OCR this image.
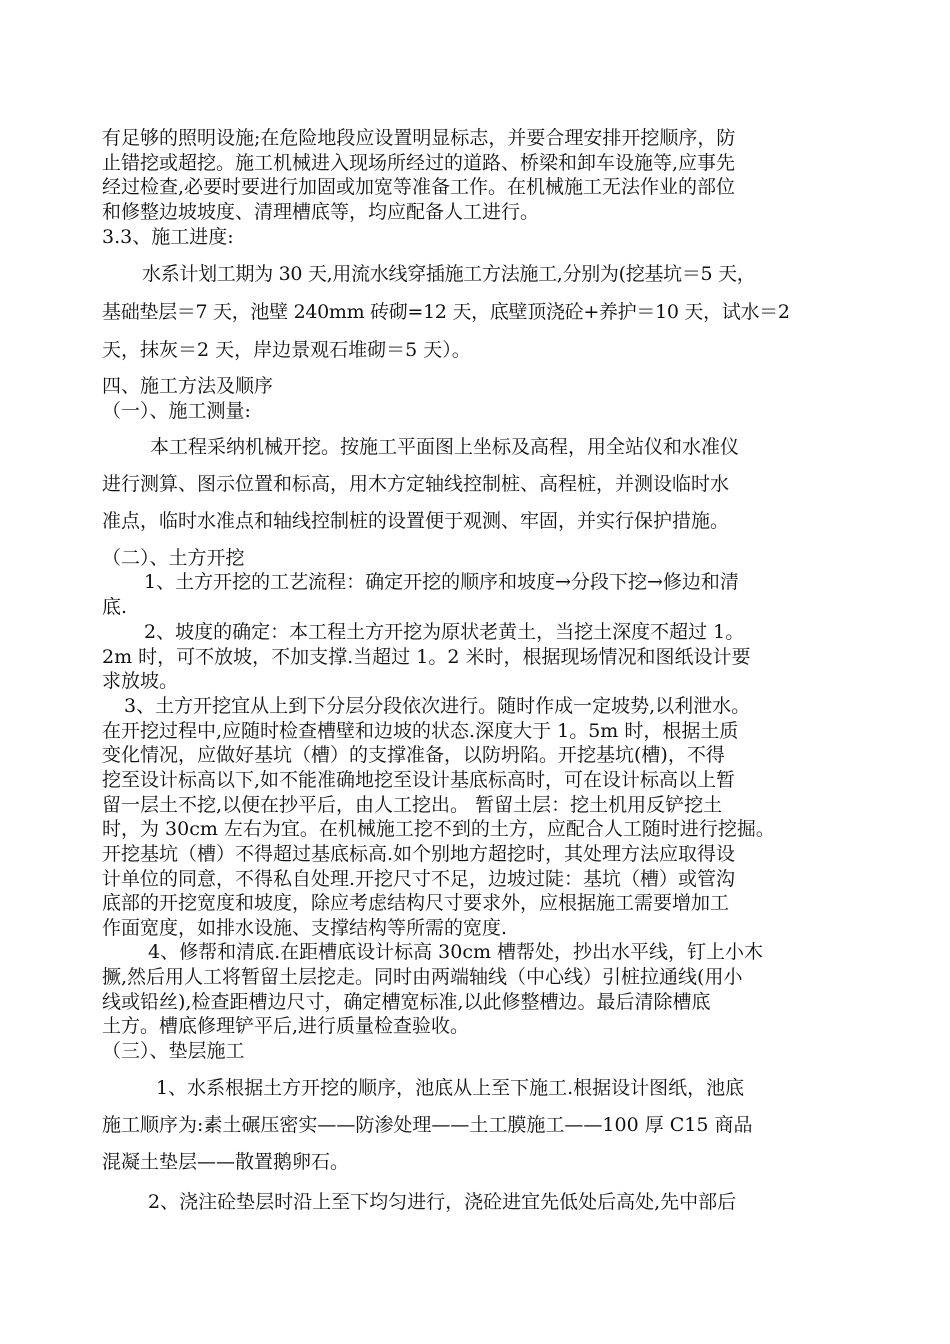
有足够的照明设施;在危险地段应设置明显标志，并要合理安排开挖顺序，防
止错挖或超挖。施工机械进入现场所经过的道路、桥梁和卸车设施等,应事先
经过检查,必要时要进行加固或加宽等准备工作。在机械施工无法作业的部位
和修整边坡坡度、清理槽底等，均应配备人工进行。
3.3、施工进度:
水系计划工期为 30 天,用流水线穿插施工方法施工,分别为(挖基坑＝5 天，
基础垫层＝7 天，池壁 240mm 砖砌=12 天，底壁顶浇砼+养护＝10 天，试水＝2
天，抹灰＝2 天，岸边景观石堆砌＝5 天）。
四、施工方法及顺序
（一）、施工测量:
本工程采纳机械开挖。按施工平面图上坐标及高程，用全站仪和水准仪
进行测算、图示位置和标高，用木方定轴线控制桩、高程桩，并测设临时水
准点，临时水准点和轴线控制桩的设置便于观测、牢固，并实行保护措施。
（二）、土方开挖
1、土方开挖的工艺流程：确定开挖的顺序和坡度→分段下挖→修边和清
底.
2、坡度的确定：本工程土方开挖为原状老黄土，当挖土深度不超过 1。
2m 时，可不放坡，不加支撑.当超过 1。2 米时，根据现场情况和图纸设计要
求放坡。
3、土方开挖宜从上到下分层分段依次进行。随时作成一定坡势,以利泄水。
在开挖过程中,应随时检查槽壁和边坡的状态.深度大于 1。5m 时，根据土质
变化情况，应做好基坑（槽）的支撑准备，以防坍陷。开挖基坑(槽)，不得
挖至设计标高以下,如不能准确地挖至设计基底标高时，可在设计标高以上暂
留一层土不挖,以便在抄平后，由人工挖出。 暂留土层：挖土机用反铲挖土
时，为 30cm 左右为宜。在机械施工挖不到的土方，应配合人工随时进行挖掘。
开挖基坑（槽）不得超过基底标高.如个别地方超挖时，其处理方法应取得设
计单位的同意，不得私自处理.开挖尺寸不足，边坡过陡：基坑（槽）或管沟
底部的开挖宽度和坡度，除应考虑结构尺寸要求外，应根据施工需要增加工
作面宽度，如排水设施、支撑结构等所需的宽度.
4、修帮和清底.在距槽底设计标高 30cm 槽帮处，抄出水平线，钉上小木
撅,然后用人工将暂留土层挖走。同时由两端轴线（中心线）引桩拉通线(用小
线或铅丝),检查距槽边尺寸，确定槽宽标准,以此修整槽边。最后清除槽底
土方。槽底修理铲平后,进行质量检查验收。
（三）、垫层施工
1、水系根据土方开挖的顺序，池底从上至下施工.根据设计图纸，池底
施工顺序为:素土碾压密实——防渗处理——土工膜施工——100 厚 C15 商品
混凝土垫层——散置鹅卵石。
2、浇注砼垫层时沿上至下均匀进行，浇砼进宜先低处后高处,先中部后
